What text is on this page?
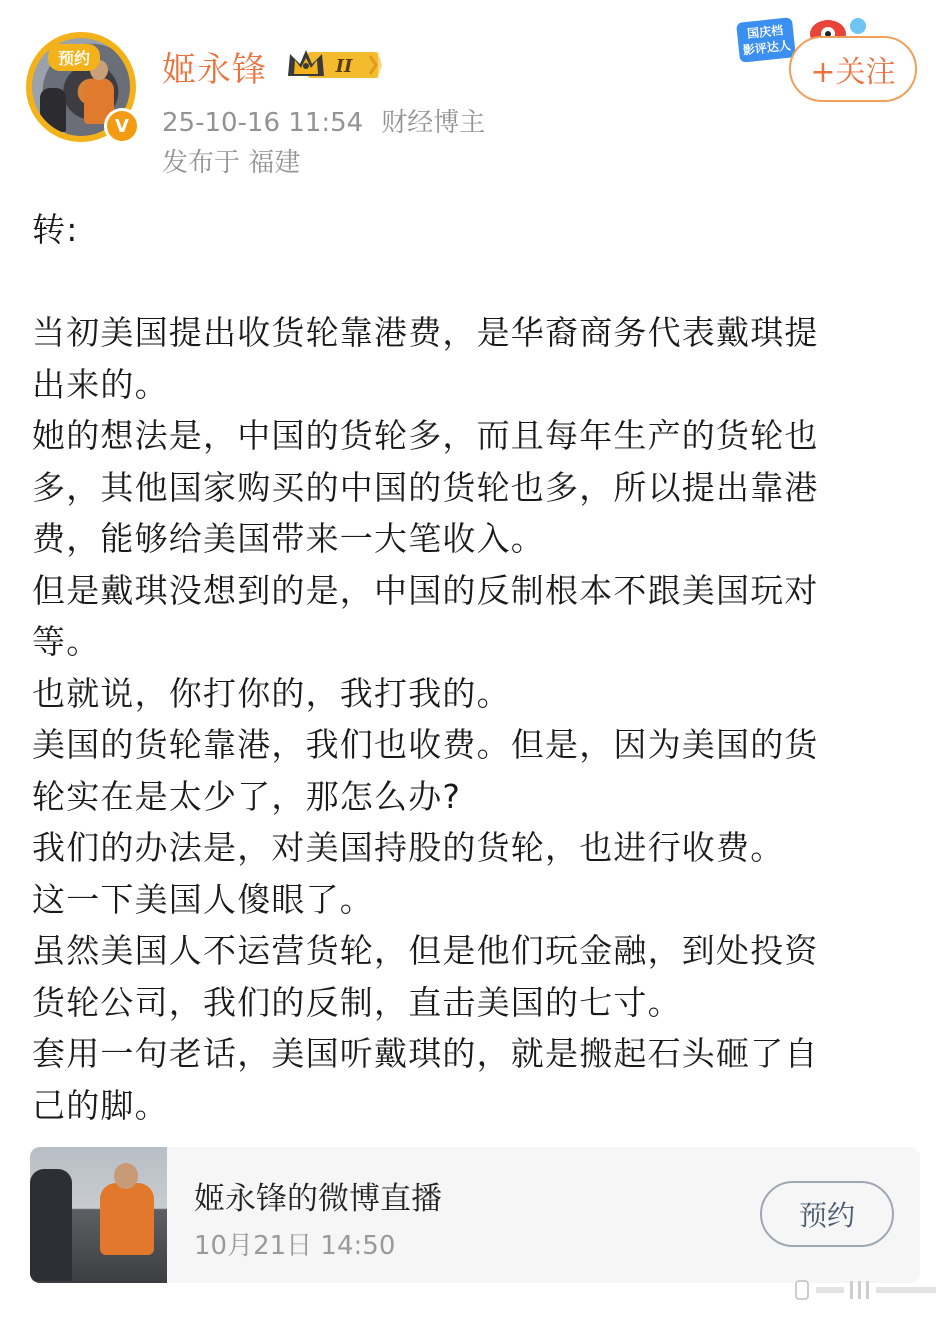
预约
V
姬永锋	II
25-10-16 11:54 财经博主
发布于 福建
国庆档
影评达人
+关注

转:

当初美国提出收货轮靠港费，是华裔商务代表戴琪提

出来的。

她的想法是，中国的货轮多，而且每年生产的货轮也

多，其他国家购买的中国的货轮也多，所以提出靠港

费，能够给美国带来一大笔收入。

但是戴琪没想到的是，中国的反制根本不跟美国玩对

等。

也就说，你打你的，我打我的。

美国的货轮靠港，我们也收费。但是，因为美国的货

轮实在是太少了，那怎么办?

我们的办法是，对美国持股的货轮，也进行收费。

这一下美国人傻眼了。

虽然美国人不运营货轮，但是他们玩金融，到处投资

货轮公司，我们的反制，直击美国的七寸。

套用一句老话，美国听戴琪的，就是搬起石头砸了自

己的脚。

姬永锋的微博直播
10月21日 14:50
预约
